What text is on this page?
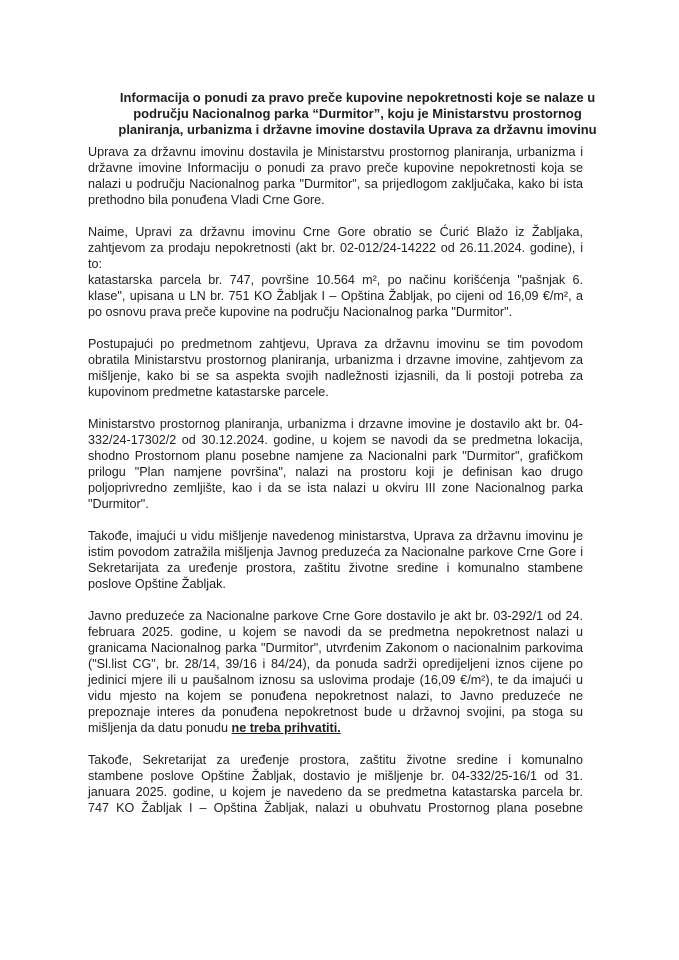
Informacija o ponudi za pravo preče kupovine nepokretnosti koje se nalaze u
području Nacionalnog parka “Durmitor”, koju je Ministarstvu prostornog
planiranja, urbanizma i državne imovine dostavila Uprava za državnu imovinu
Uprava za državnu imovinu dostavila je Ministarstvu prostornog planiranja, urbanizma i
državne imovine Informaciju o ponudi za pravo preče kupovine nepokretnosti koja se
nalazi u području Nacionalnog parka "Durmitor", sa prijedlogom zaključaka, kako bi ista
prethodno bila ponuđena Vladi Crne Gore.
Naime, Upravi za državnu imovinu Crne Gore obratio se Ćurić Blažo iz Žabljaka,
zahtjevom za prodaju nepokretnosti (akt br. 02-012/24-14222 od 26.11.2024. godine), i
to:
katastarska parcela br. 747, površine 10.564 m², po načinu korišćenja "pašnjak 6.
klase", upisana u LN br. 751 KO Žabljak I – Opština Žabljak, po cijeni od 16,09 €/m², a
po osnovu prava preče kupovine na području Nacionalnog parka "Durmitor".
Postupajući po predmetnom zahtjevu, Uprava za državnu imovinu se tim povodom
obratila Ministarstvu prostornog planiranja, urbanizma i drzavne imovine, zahtjevom za
mišljenje, kako bi se sa aspekta svojih nadležnosti izjasnili, da li postoji potreba za
kupovinom predmetne katastarske parcele.
Ministarstvo prostornog planiranja, urbanizma i drzavne imovine je dostavilo akt br. 04-
332/24-17302/2 od 30.12.2024. godine, u kojem se navodi da se predmetna lokacija,
shodno Prostornom planu posebne namjene za Nacionalni park "Durmitor", grafičkom
prilogu "Plan namjene površina", nalazi na prostoru koji je definisan kao drugo
poljoprivredno zemljište, kao i da se ista nalazi u okviru III zone Nacionalnog parka
"Durmitor".
Takođe, imajući u vidu mišljenje navedenog ministarstva, Uprava za državnu imovinu je
istim povodom zatražila mišljenja Javnog preduzeća za Nacionalne parkove Crne Gore i
Sekretarijata za uređenje prostora, zaštitu životne sredine i komunalno stambene
poslove Opštine Žabljak.
Javno preduzeće za Nacionalne parkove Crne Gore dostavilo je akt br. 03-292/1 od 24.
februara 2025. godine, u kojem se navodi da se predmetna nepokretnost nalazi u
granicama Nacionalnog parka "Durmitor", utvrđenim Zakonom o nacionalnim parkovima
("Sl.list CG", br. 28/14, 39/16 i 84/24), da ponuda sadrži opredijeljeni iznos cijene po
jedinici mjere ili u paušalnom iznosu sa uslovima prodaje (16,09 €/m²), te da imajući u
vidu mjesto na kojem se ponuđena nepokretnost nalazi, to Javno preduzeće ne
prepoznaje interes da ponuđena nepokretnost bude u državnoj svojini, pa stoga su
mišljenja da datu ponudu ne treba prihvatiti.
Takođe, Sekretarijat za uređenje prostora, zaštitu životne sredine i komunalno
stambene poslove Opštine Žabljak, dostavio je mišljenje br. 04-332/25-16/1 od 31.
januara 2025. godine, u kojem je navedeno da se predmetna katastarska parcela br.
747 KO Žabljak I – Opština Žabljak, nalazi u obuhvatu Prostornog plana posebne
